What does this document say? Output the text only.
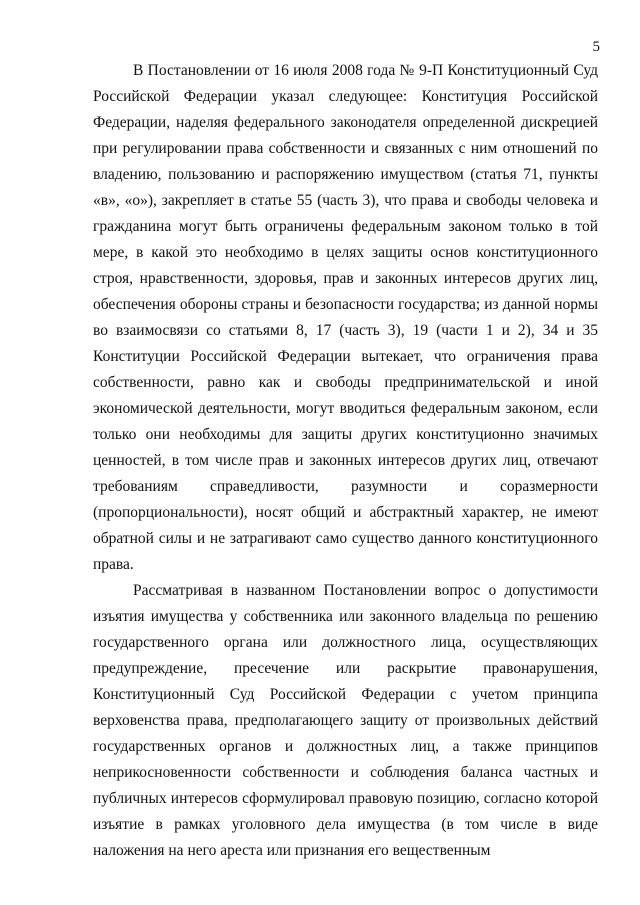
5

В Постановлении от 16 июля 2008 года № 9-П Конституционный Суд Российской Федерации указал следующее: Конституция Российской Федерации, наделяя федерального законодателя определенной дискрецией при регулировании права собственности и связанных с ним отношений по владению, пользованию и распоряжению имуществом (статья 71, пункты «в», «о»), закрепляет в статье 55 (часть 3), что права и свободы человека и гражданина могут быть ограничены федеральным законом только в той мере, в какой это необходимо в целях защиты основ конституционного строя, нравственности, здоровья, прав и законных интересов других лиц, обеспечения обороны страны и безопасности государства; из данной нормы во взаимосвязи со статьями 8, 17 (часть 3), 19 (части 1 и 2), 34 и 35 Конституции Российской Федерации вытекает, что ограничения права собственности, равно как и свободы предпринимательской и иной экономической деятельности, могут вводиться федеральным законом, если только они необходимы для защиты других конституционно значимых ценностей, в том числе прав и законных интересов других лиц, отвечают требованиям справедливости, разумности и соразмерности (пропорциональности), носят общий и абстрактный характер, не имеют обратной силы и не затрагивают само существо данного конституционного права.

Рассматривая в названном Постановлении вопрос о допустимости изъятия имущества у собственника или законного владельца по решению государственного органа или должностного лица, осуществляющих предупреждение, пресечение или раскрытие правонарушения, Конституционный Суд Российской Федерации с учетом принципа верховенства права, предполагающего защиту от произвольных действий государственных органов и должностных лиц, а также принципов неприкосновенности собственности и соблюдения баланса частных и публичных интересов сформулировал правовую позицию, согласно которой изъятие в рамках уголовного дела имущества (в том числе в виде наложения на него ареста или признания его вещественным
